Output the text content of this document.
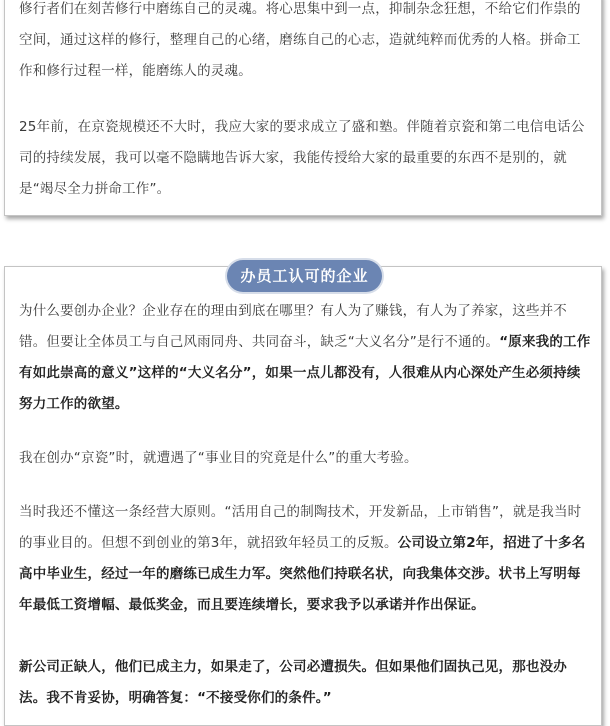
修行者们在刻苦修行中磨练自己的灵魂。将心思集中到一点，抑制杂念狂想，不给它们作祟的空间，通过这样的修行，整理自己的心绪，磨练自己的心志，造就纯粹而优秀的人格。拼命工作和修行过程一样，能磨练人的灵魂。

25年前，在京瓷规模还不大时，我应大家的要求成立了盛和塾。伴随着京瓷和第二电信电话公司的持续发展，我可以毫不隐瞒地告诉大家，我能传授给大家的最重要的东西不是别的，就是“竭尽全力拼命工作”。

为什么要创办企业？企业存在的理由到底在哪里？有人为了赚钱，有人为了养家，这些并不错。但要让全体员工与自己风雨同舟、共同奋斗，缺乏“大义名分”是行不通的。“原来我的工作有如此崇高的意义”这样的“大义名分”，如果一点儿都没有，人很难从内心深处产生必须持续努力工作的欲望。

我在创办“京瓷”时，就遭遇了“事业目的究竟是什么”的重大考验。

当时我还不懂这一条经营大原则。“活用自己的制陶技术，开发新品，上市销售”，就是我当时的事业目的。但想不到创业的第3年，就招致年轻员工的反叛。公司设立第2年，招进了十多名高中毕业生，经过一年的磨练已成生力军。突然他们持联名状，向我集体交涉。状书上写明每年最低工资增幅、最低奖金，而且要连续增长，要求我予以承诺并作出保证。

新公司正缺人，他们已成主力，如果走了，公司必遭损失。但如果他们固执己见，那也没办法。我不肯妥协，明确答复：“不接受你们的条件。”

办员工认可的企业
